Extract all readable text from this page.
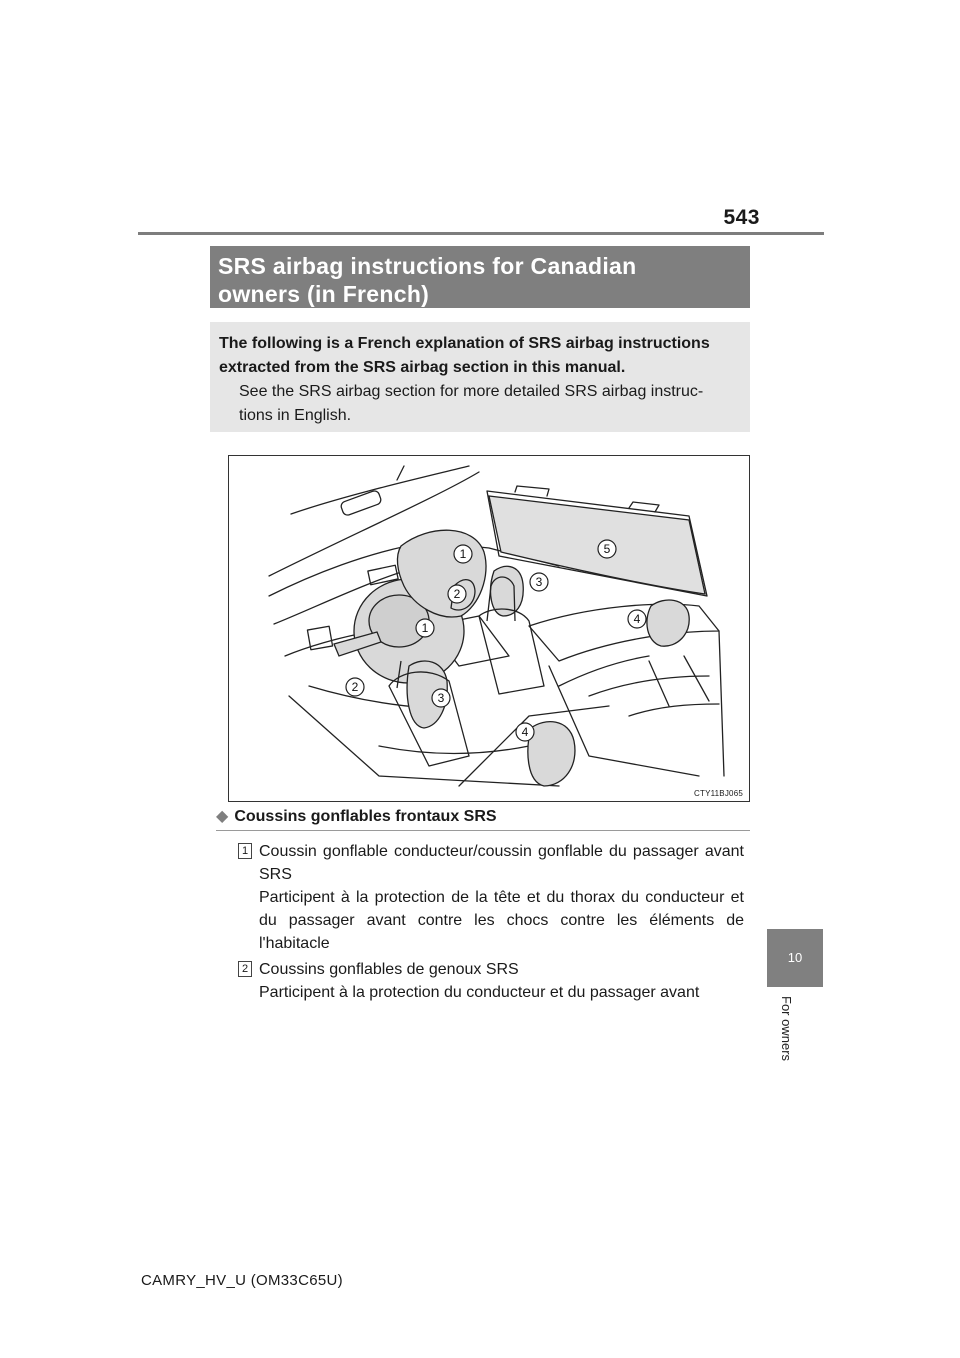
543
SRS airbag instructions for Canadian
owners (in French)
The following is a French explanation of SRS airbag instructions
extracted from the SRS airbag section in this manual.
See the SRS airbag section for more detailed SRS airbag instruc-
tions in English.
1
2
3
5
4
1
2
3
4
CTY11BJ065
◆ Coussins gonflables frontaux SRS
1 Coussin gonflable conducteur/coussin gonflable du passager avant SRS
Participent à la protection de la tête et du thorax du conducteur et du passager avant contre les chocs contre les éléments de l'habitacle
2 Coussins gonflables de genoux SRS
Participent à la protection du conducteur et du passager avant
10
For owners
CAMRY_HV_U (OM33C65U)
